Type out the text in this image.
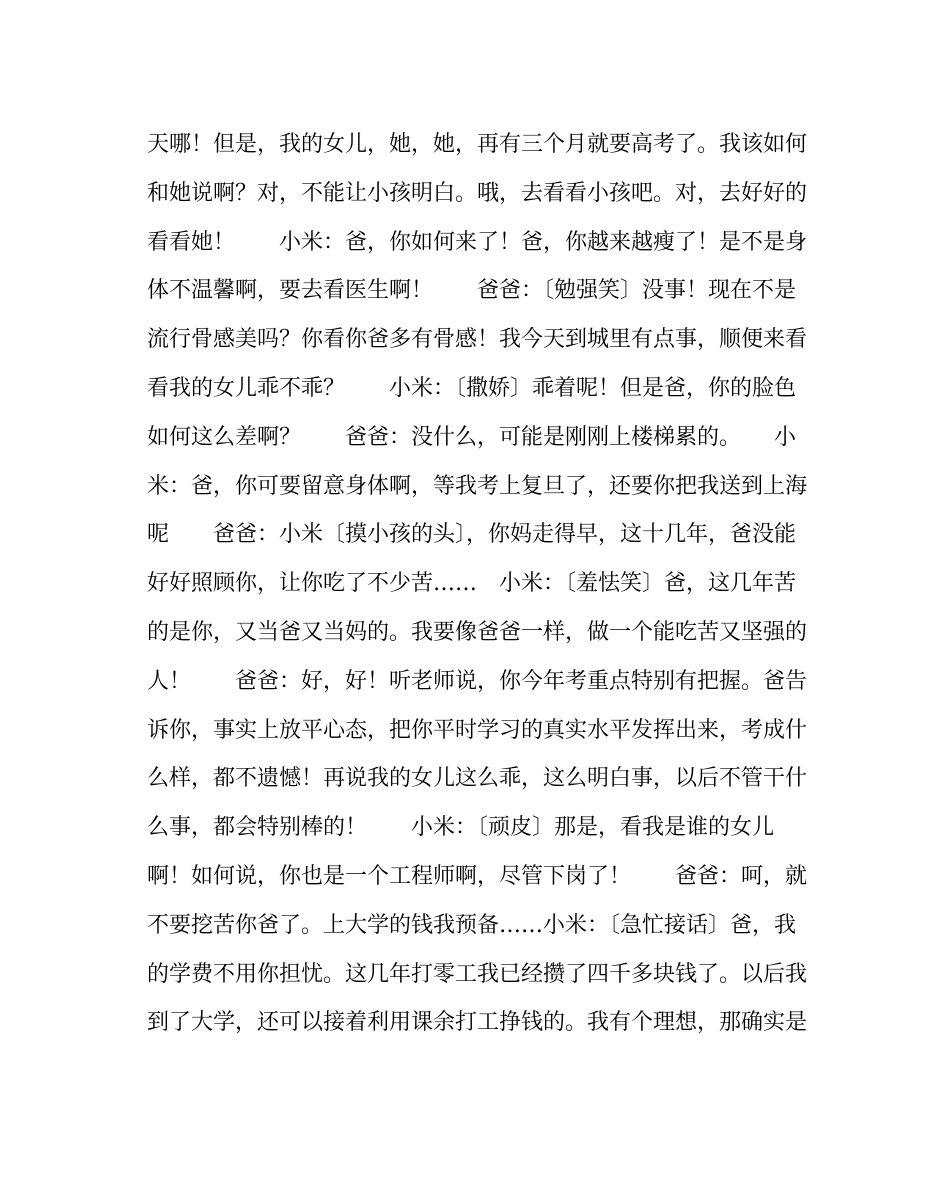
天哪！但是，我的女儿，她，她，再有三个月就要高考了。我该如何
和她说啊？对，不能让小孩明白。哦，去看看小孩吧。对，去好好的
看看她！　　小米：爸，你如何来了！爸，你越来越瘦了！是不是身
体不温馨啊，要去看医生啊！　　爸爸：〔勉强笑〕没事！现在不是
流行骨感美吗？你看你爸多有骨感！我今天到城里有点事，顺便来看
看我的女儿乖不乖？　　小米：〔撒娇〕乖着呢！但是爸，你的脸色
如何这么差啊？　　爸爸：没什么，可能是刚刚上楼梯累的。　　小
米：爸，你可要留意身体啊，等我考上复旦了，还要你把我送到上海
呢　　爸爸：小米〔摸小孩的头〕，你妈走得早，这十几年，爸没能
好好照顾你，让你吃了不少苦……　小米：〔羞怯笑〕爸，这几年苦
的是你，又当爸又当妈的。我要像爸爸一样，做一个能吃苦又坚强的
人！　　爸爸：好，好！听老师说，你今年考重点特别有把握。爸告
诉你，事实上放平心态，把你平时学习的真实水平发挥出来，考成什
么样，都不遗憾！再说我的女儿这么乖，这么明白事，以后不管干什
么事，都会特别棒的！　　小米：〔顽皮〕那是，看我是谁的女儿
啊！如何说，你也是一个工程师啊，尽管下岗了！　　爸爸：呵，就
不要挖苦你爸了。上大学的钱我预备……小米：〔急忙接话〕爸，我
的学费不用你担忧。这几年打零工我已经攒了四千多块钱了。以后我
到了大学，还可以接着利用课余打工挣钱的。我有个理想，那确实是
